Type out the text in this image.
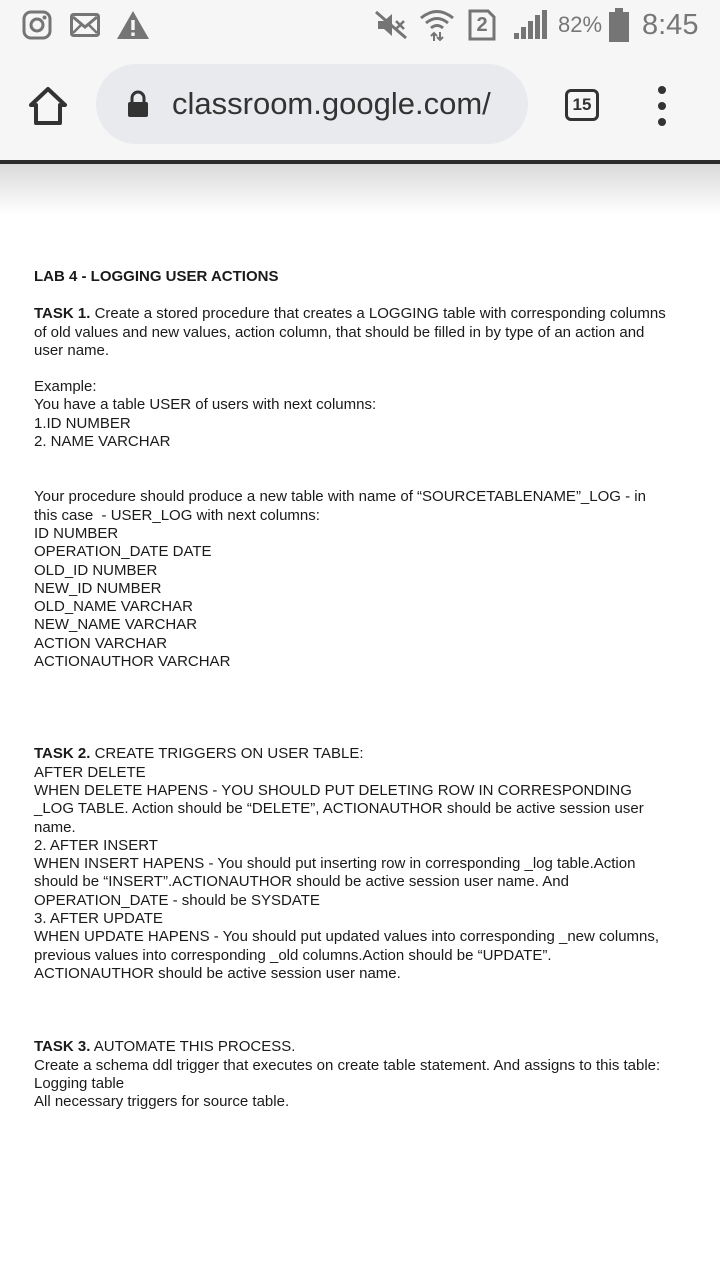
2	82% 8:45
classroom.google.com/	15
LAB 4 - LOGGING USER ACTIONS
TASK 1. Create a stored procedure that creates a LOGGING table with corresponding columns
of old values and new values, action column, that should be filled in by type of an action and
user name.
Example:
You have a table USER of users with next columns:
1.ID NUMBER
2. NAME VARCHAR
Your procedure should produce a new table with name of “SOURCETABLENAME”_LOG - in
this case  - USER_LOG with next columns:
ID NUMBER
OPERATION_DATE DATE
OLD_ID NUMBER
NEW_ID NUMBER
OLD_NAME VARCHAR
NEW_NAME VARCHAR
ACTION VARCHAR
ACTIONAUTHOR VARCHAR
TASK 2. CREATE TRIGGERS ON USER TABLE:
AFTER DELETE
WHEN DELETE HAPENS - YOU SHOULD PUT DELETING ROW IN CORRESPONDING
_LOG TABLE. Action should be “DELETE”, ACTIONAUTHOR should be active session user
name.
2. AFTER INSERT
WHEN INSERT HAPENS - You should put inserting row in corresponding _log table.Action
should be “INSERT”.ACTIONAUTHOR should be active session user name. And
OPERATION_DATE - should be SYSDATE
3. AFTER UPDATE
WHEN UPDATE HAPENS - You should put updated values into corresponding _new columns,
previous values into corresponding _old columns.Action should be “UPDATE”.
ACTIONAUTHOR should be active session user name.
TASK 3. AUTOMATE THIS PROCESS.
Create a schema ddl trigger that executes on create table statement. And assigns to this table:
Logging table
All necessary triggers for source table.
